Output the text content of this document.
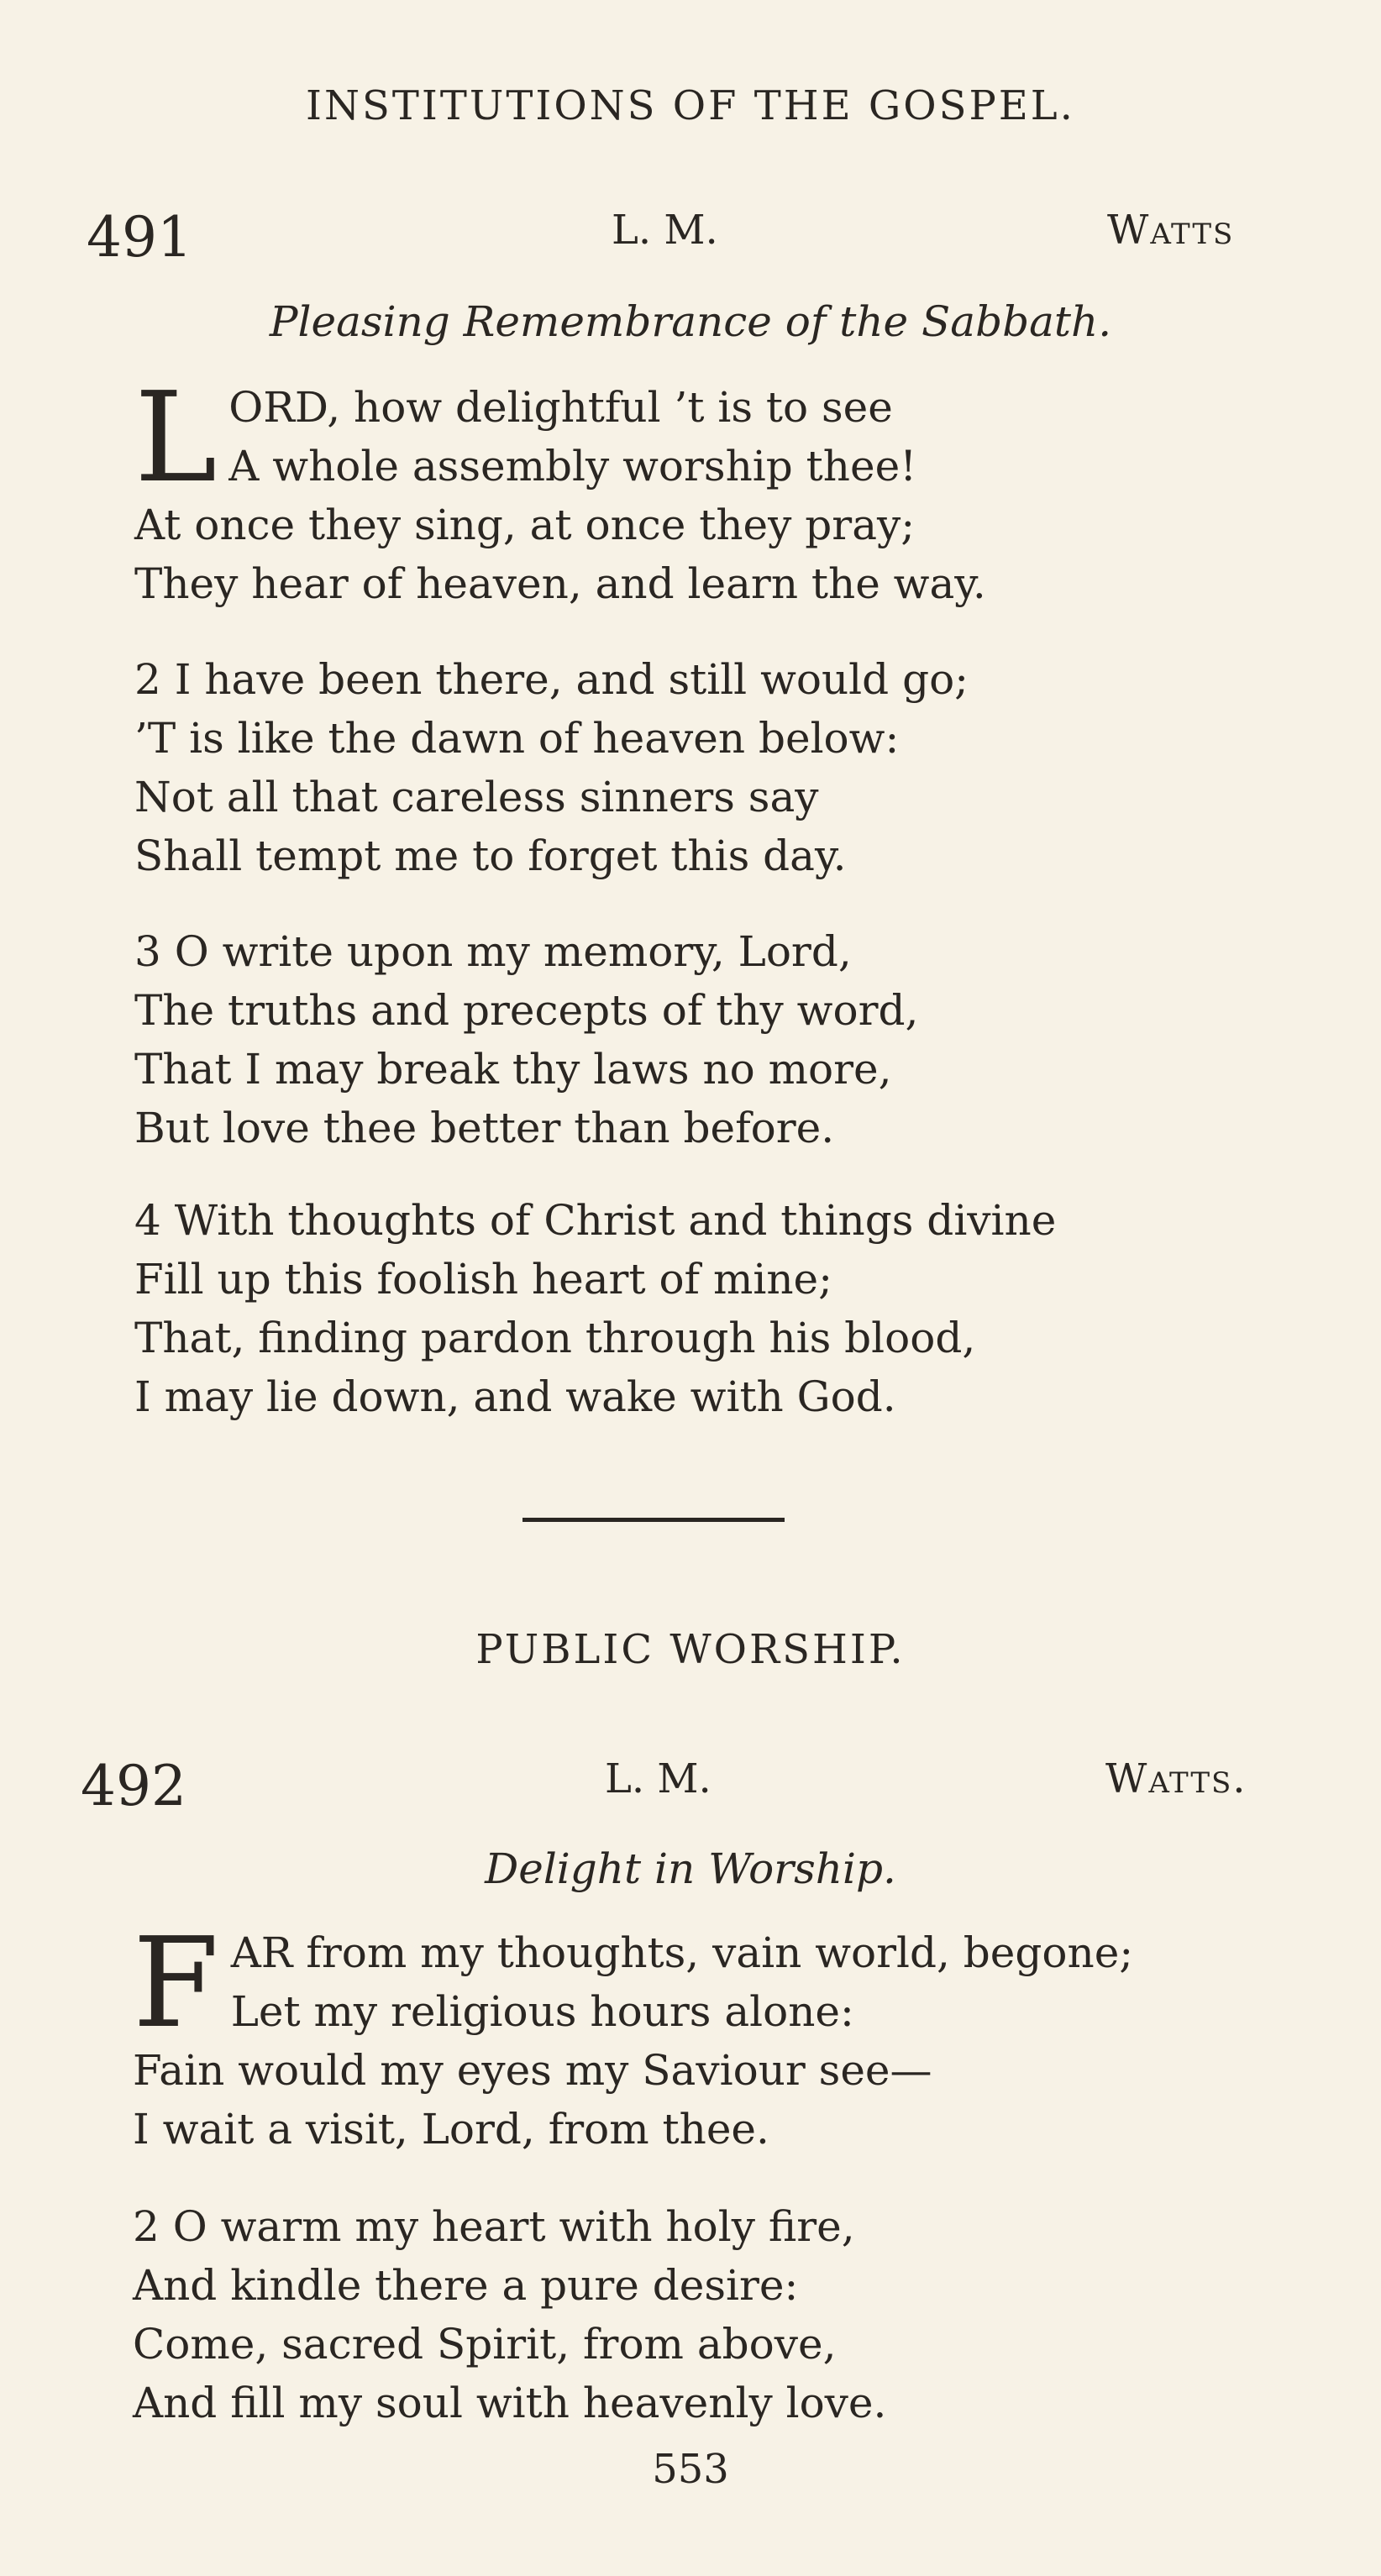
INSTITUTIONS OF THE GOSPEL.
491	L. M.	Watts
Pleasing Remembrance of the Sabbath.
L ORD, how delightful ’t is to see
A whole assembly worship thee!
At once they sing, at once they pray;
They hear of heaven, and learn the way.
2 I have been there, and still would go;
’T is like the dawn of heaven below:
Not all that careless sinners say
Shall tempt me to forget this day.
3 O write upon my memory, Lord,
The truths and precepts of thy word,
That I may break thy laws no more,
But love thee better than before.
4 With thoughts of Christ and things divine
Fill up this foolish heart of mine;
That, finding pardon through his blood,
I may lie down, and wake with God.
PUBLIC WORSHIP.
492	L. M.	Watts.
Delight in Worship.
F AR from my thoughts, vain world, begone;
Let my religious hours alone:
Fain would my eyes my Saviour see—
I wait a visit, Lord, from thee.
2 O warm my heart with holy fire,
And kindle there a pure desire:
Come, sacred Spirit, from above,
And fill my soul with heavenly love.
553
